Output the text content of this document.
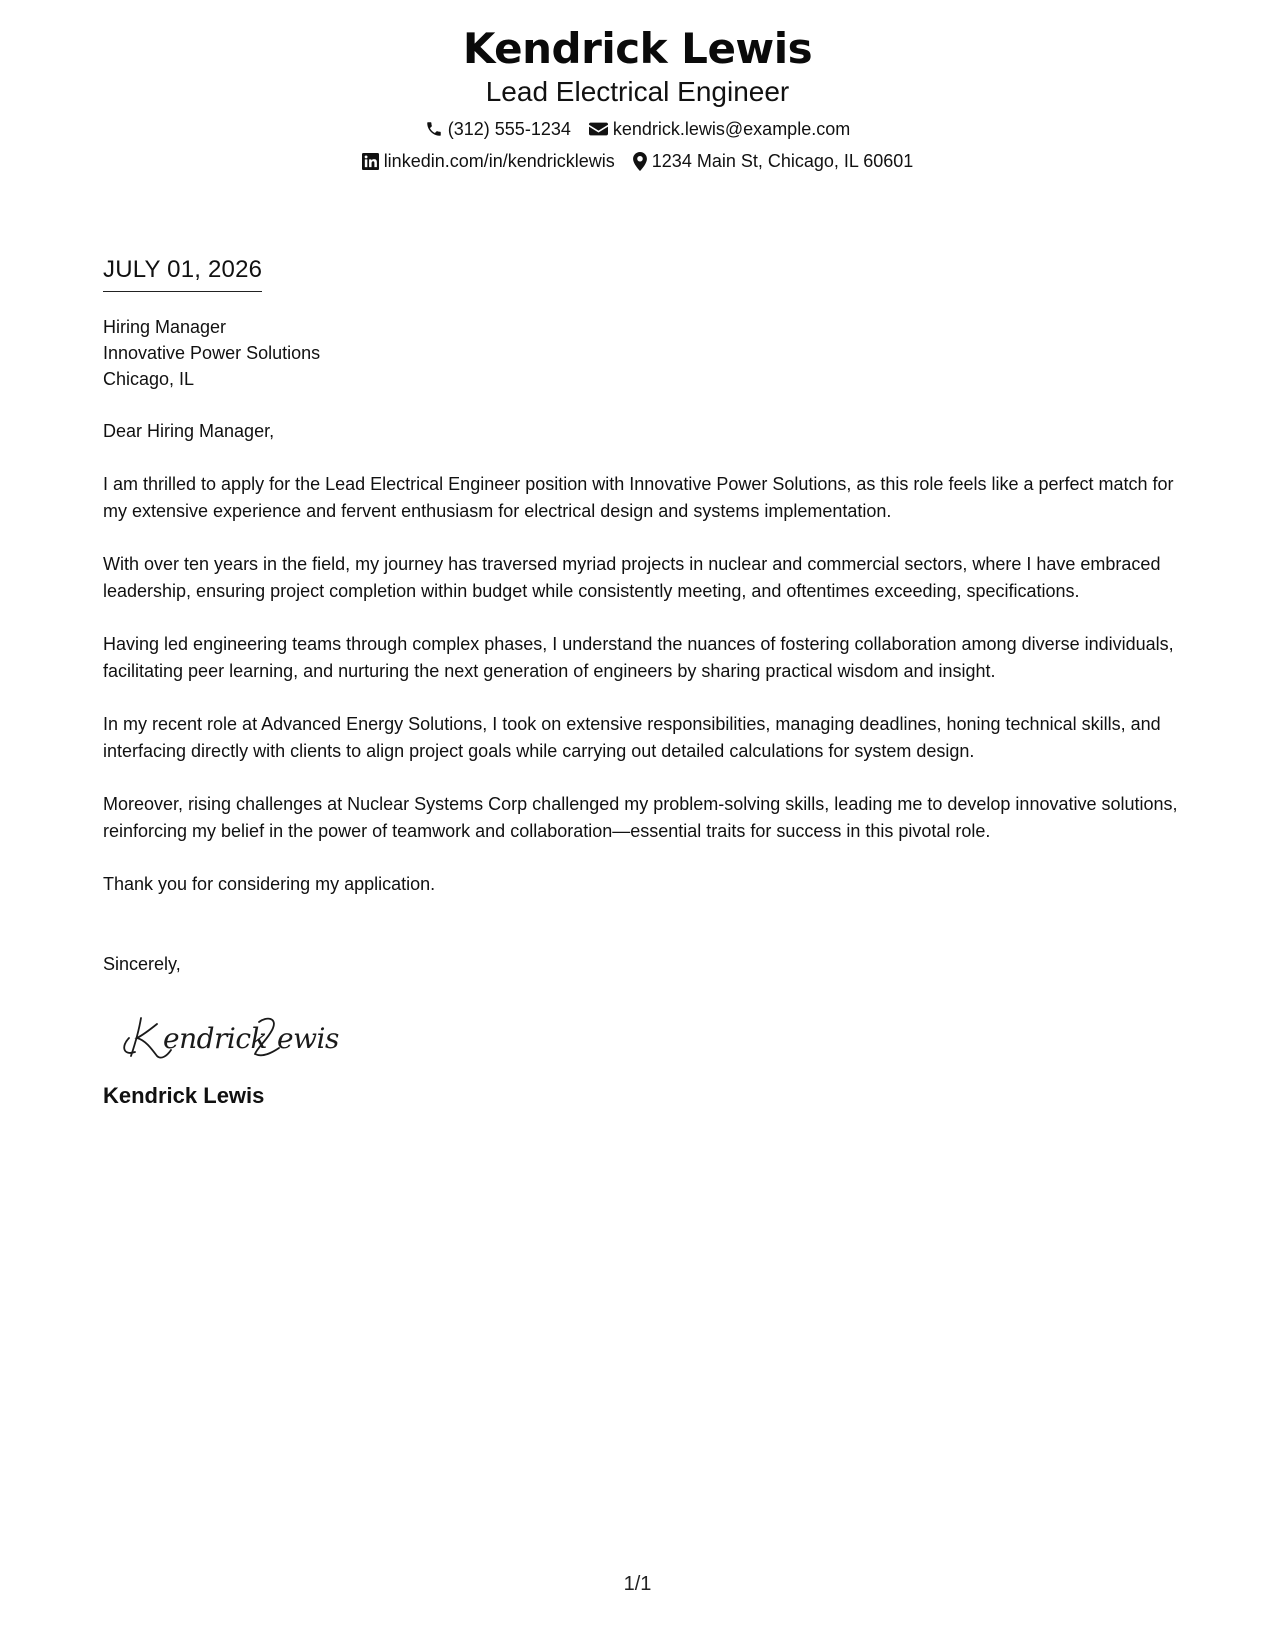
Kendrick Lewis
Lead Electrical Engineer
(312) 555-1234 kendrick.lewis@example.com
linkedin.com/in/kendricklewis 1234 Main St, Chicago, IL 60601
JULY 01, 2026
Hiring Manager
Innovative Power Solutions
Chicago, IL
Dear Hiring Manager,
I am thrilled to apply for the Lead Electrical Engineer position with Innovative Power Solutions, as this role feels like a perfect match for my extensive experience and fervent enthusiasm for electrical design and systems implementation.
With over ten years in the field, my journey has traversed myriad projects in nuclear and commercial sectors, where I have embraced leadership, ensuring project completion within budget while consistently meeting, and oftentimes exceeding, specifications.
Having led engineering teams through complex phases, I understand the nuances of fostering collaboration among diverse individuals, facilitating peer learning, and nurturing the next generation of engineers by sharing practical wisdom and insight.
In my recent role at Advanced Energy Solutions, I took on extensive responsibilities, managing deadlines, honing technical skills, and interfacing directly with clients to align project goals while carrying out detailed calculations for system design.
Moreover, rising challenges at Nuclear Systems Corp challenged my problem-solving skills, leading me to develop innovative solutions, reinforcing my belief in the power of teamwork and collaboration—essential traits for success in this pivotal role.
Thank you for considering my application.
Sincerely,
endrick ewis
Kendrick Lewis
1/1
